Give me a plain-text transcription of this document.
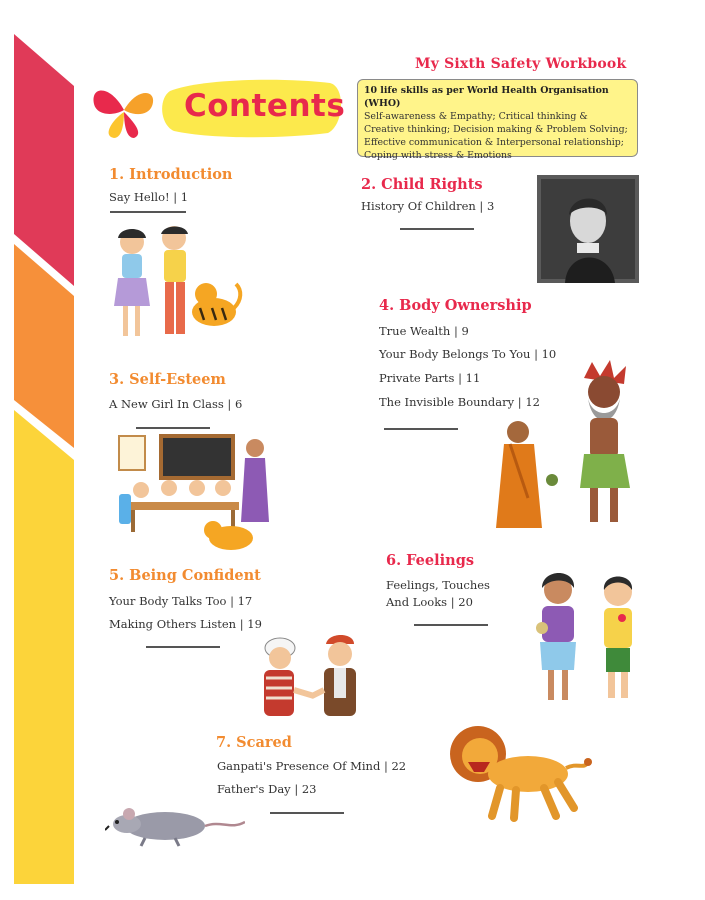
My Sixth Safety Workbook
10 life skills as per World Health Organisation (WHO)
Self-awareness & Empathy; Critical thinking & Creative thinking; Decision making & Problem Solving; Effective communication & Interpersonal relationship; Coping with stress & Emotions
Contents
1. Introduction
Say Hello! | 1
2. Child Rights
History Of Children | 3
3. Self-Esteem
A New Girl In Class | 6
4. Body Ownership
True Wealth | 9
Your Body Belongs To You | 10
Private Parts | 11
The Invisible Boundary | 12
5. Being Confident
Your Body Talks Too | 17
Making Others Listen | 19
6. Feelings
Feelings, Touches
And Looks | 20
7. Scared
Ganpati's Presence Of Mind | 22
Father's Day | 23
